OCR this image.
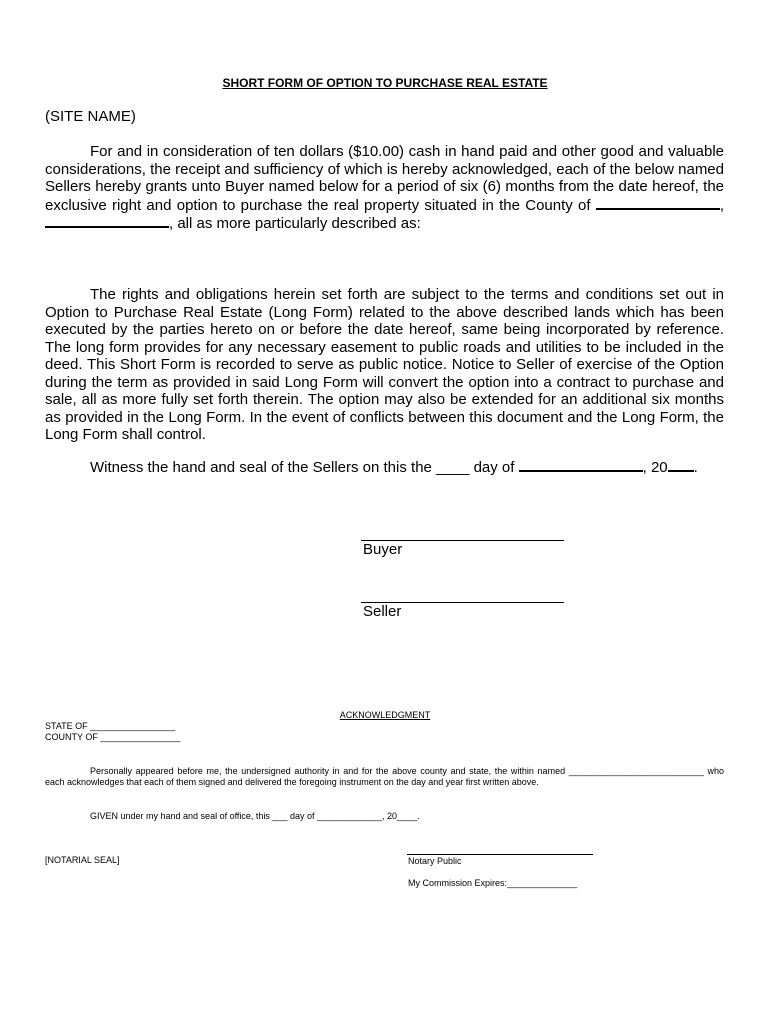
SHORT FORM OF OPTION TO PURCHASE REAL ESTATE
(SITE NAME)

For and in consideration of ten dollars ($10.00) cash in hand paid and other good and valuable considerations, the receipt and sufficiency of which is hereby acknowledged, each of the below named Sellers hereby grants unto Buyer named below for a period of six (6) months from the date hereof, the exclusive right and option to purchase the real property situated in the County of	, , all as more particularly described as:

The rights and obligations herein set forth are subject to the terms and conditions set out in Option to Purchase Real Estate (Long Form) related to the above described lands which has been executed by the parties hereto on or before the date hereof, same being incorporated by reference. The long form provides for any necessary easement to public roads and utilities to be included in the deed. This Short Form is recorded to serve as public notice. Notice to Seller of exercise of the Option during the term as provided in said Long Form will convert the option into a contract to purchase and sale, all as more fully set forth therein. The option may also be extended for an additional six months as provided in the Long Form. In the event of conflicts between this document and the Long Form, the Long Form shall control.

Witness the hand and seal of the Sellers on this the ____ day of	, 20 .
Buyer
Seller
ACKNOWLEDGMENT
STATE OF _________________
COUNTY OF ________________

Personally appeared before me, the undersigned authority in and for the above county and state, the within named ___________________________ who each acknowledges that each of them signed and delivered the foregoing instrument on the day and year first written above.

GIVEN under my hand and seal of office, this ___ day of _____________, 20____.
[NOTARIAL SEAL]	Notary Public
My Commission Expires:______________
